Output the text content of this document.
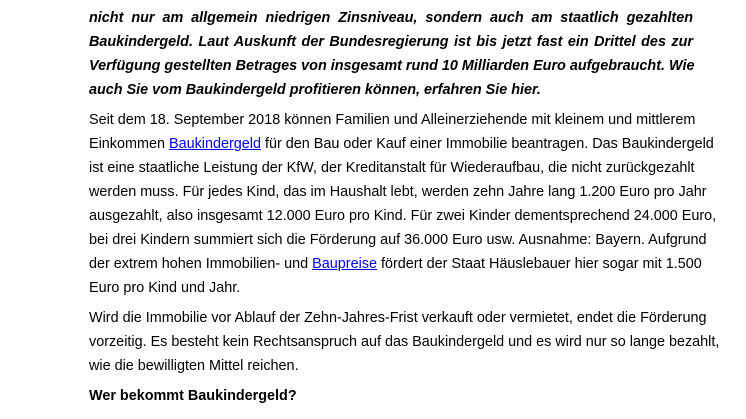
nicht nur am allgemein niedrigen Zinsniveau, sondern auch am staatlich gezahlten
Baukindergeld. Laut Auskunft der Bundesregierung ist bis jetzt fast ein Drittel des zur
Verfügung gestellten Betrages von insgesamt rund 10 Milliarden Euro aufgebraucht. Wie
auch Sie vom Baukindergeld profitieren können, erfahren Sie hier.
Seit dem 18. September 2018 können Familien und Alleinerziehende mit kleinem und mittlerem
Einkommen Baukindergeld für den Bau oder Kauf einer Immobilie beantragen. Das Baukindergeld
ist eine staatliche Leistung der KfW, der Kreditanstalt für Wiederaufbau, die nicht zurückgezahlt
werden muss. Für jedes Kind, das im Haushalt lebt, werden zehn Jahre lang 1.200 Euro pro Jahr
ausgezahlt, also insgesamt 12.000 Euro pro Kind. Für zwei Kinder dementsprechend 24.000 Euro,
bei drei Kindern summiert sich die Förderung auf 36.000 Euro usw. Ausnahme: Bayern. Aufgrund
der extrem hohen Immobilien- und Baupreise fördert der Staat Häuslebauer hier sogar mit 1.500
Euro pro Kind und Jahr.
Wird die Immobilie vor Ablauf der Zehn-Jahres-Frist verkauft oder vermietet, endet die Förderung
vorzeitig. Es besteht kein Rechtsanspruch auf das Baukindergeld und es wird nur so lange bezahlt,
wie die bewilligten Mittel reichen.
Wer bekommt Baukindergeld?
